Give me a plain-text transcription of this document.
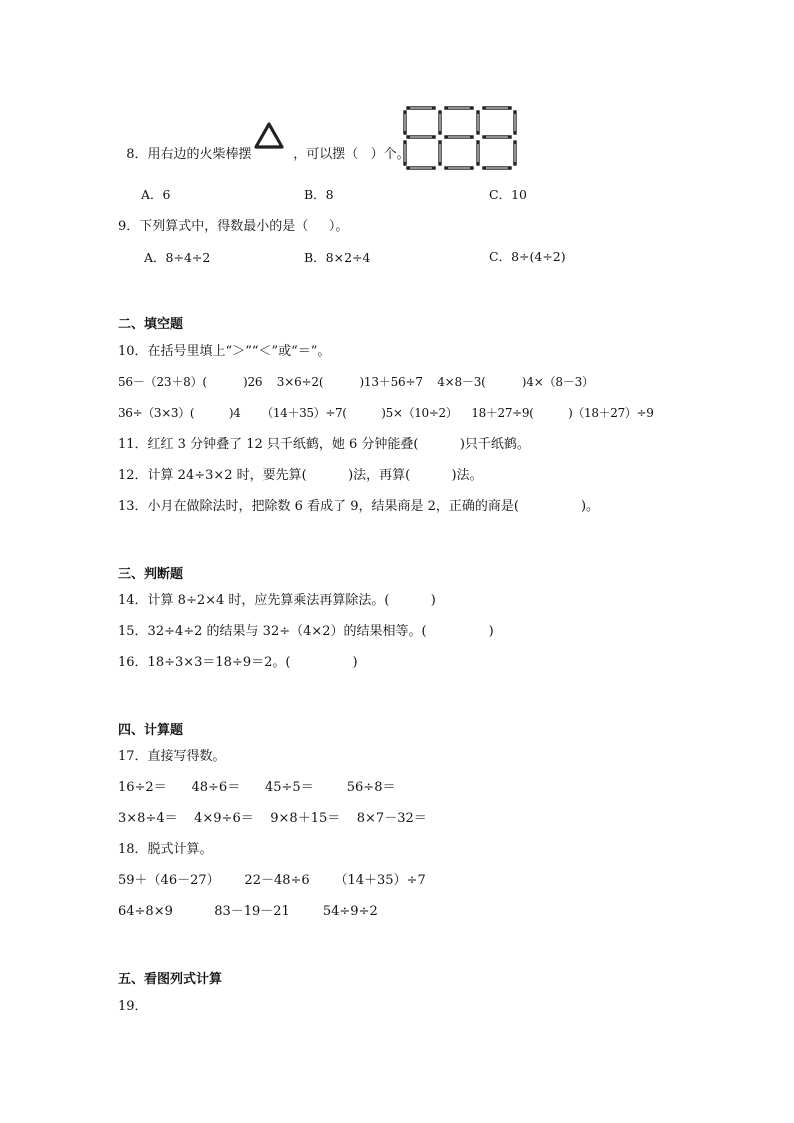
8．用右边的火柴棒摆	，可以摆（   ）个。

A．6	B．8	C．10
9．下列算式中，得数最小的是（     ）。
A．8÷4÷2	B．8×2÷4	C．8÷(4÷2)
二、填空题
10．在括号里填上“＞”“＜”或“＝”。
56－（23＋8）(          )26    3×6÷2(          )13＋56÷7    4×8－3(          )4×（8－3）
36÷（3×3）(          )4      （14＋35）÷7(          )5×（10÷2）    18＋27÷9(          )（18＋27）÷9
11．红红 3 分钟叠了 12 只千纸鹤，她 6 分钟能叠(          )只千纸鹤。
12．计算 24÷3×2 时，要先算(          )法，再算(          )法。
13．小月在做除法时，把除数 6 看成了 9，结果商是 2，正确的商是(               )。
三、判断题
14．计算 8÷2×4 时，应先算乘法再算除法。(          )
15．32÷4÷2 的结果与 32÷（4×2）的结果相等。(               )
16．18÷3×3＝18÷9＝2。(               )
四、计算题
17．直接写得数。
16÷2＝      48÷6＝      45÷5＝        56÷8＝
3×8÷4＝    4×9÷6＝    9×8＋15＝    8×7－32＝
18．脱式计算。
59＋（46－27）      22－48÷6      （14＋35）÷7
64÷8×9          83－19－21        54÷9÷2
五、看图列式计算
19．
